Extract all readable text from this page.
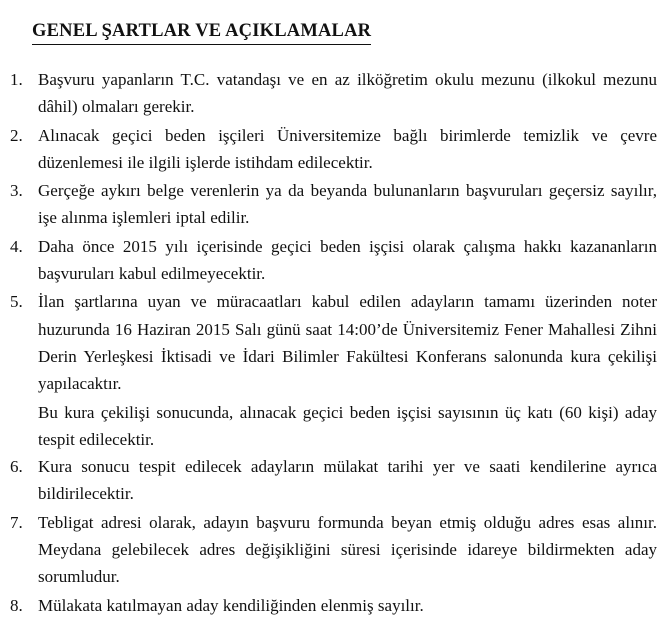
GENEL ŞARTLAR VE AÇIKLAMALAR
1. Başvuru yapanların T.C. vatandaşı ve en az ilköğretim okulu mezunu (ilkokul mezunu dâhil) olmaları gerekir.
2. Alınacak geçici beden işçileri Üniversitemize bağlı birimlerde temizlik ve çevre düzenlemesi ile ilgili işlerde istihdam edilecektir.
3. Gerçeğe aykırı belge verenlerin ya da beyanda bulunanların başvuruları geçersiz sayılır, işe alınma işlemleri iptal edilir.
4. Daha önce 2015 yılı içerisinde geçici beden işçisi olarak çalışma hakkı kazananların başvuruları kabul edilmeyecektir.
5. İlan şartlarına uyan ve müracaatları kabul edilen adayların tamamı üzerinden noter huzurunda 16 Haziran 2015 Salı günü saat 14:00’de Üniversitemiz Fener Mahallesi Zihni Derin Yerleşkesi İktisadi ve İdari Bilimler Fakültesi Konferans salonunda kura çekilişi yapılacaktır.
Bu kura çekilişi sonucunda, alınacak geçici beden işçisi sayısının üç katı (60 kişi) aday tespit edilecektir.
6. Kura sonucu tespit edilecek adayların mülakat tarihi yer ve saati kendilerine ayrıca bildirilecektir.
7. Tebligat adresi olarak, adayın başvuru formunda beyan etmiş olduğu adres esas alınır. Meydana gelebilecek adres değişikliğini süresi içerisinde idareye bildirmekten aday sorumludur.
8. Mülakata katılmayan aday kendiliğinden elenmiş sayılır.
